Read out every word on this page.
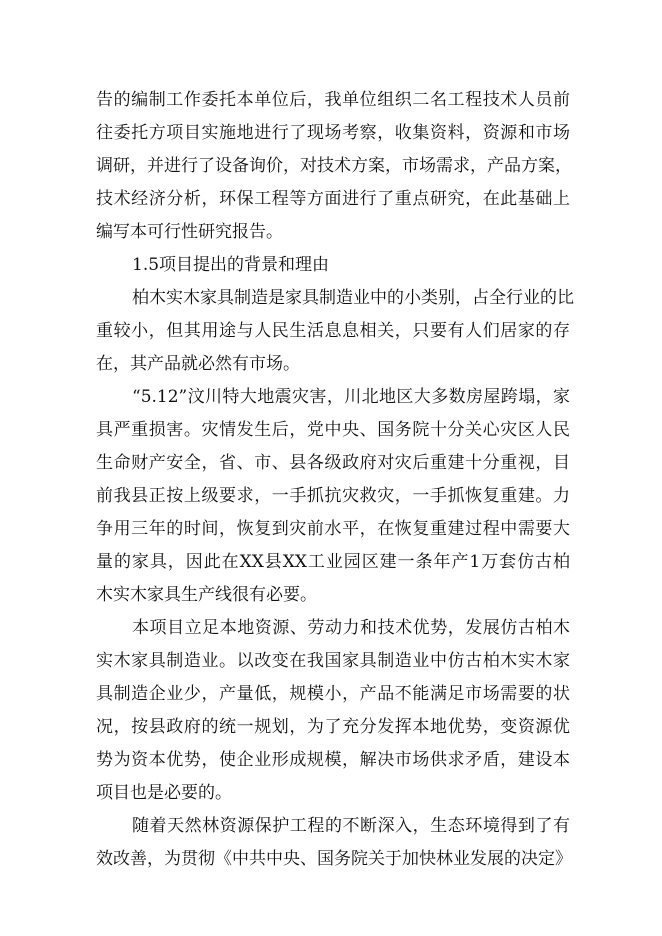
告的编制工作委托本单位后，我单位组织二名工程技术人员前
往委托方项目实施地进行了现场考察，收集资料，资源和市场
调研，并进行了设备询价，对技术方案，市场需求，产品方案，
技术经济分析，环保工程等方面进行了重点研究，在此基础上
编写本可行性研究报告。
1.5项目提出的背景和理由
柏木实木家具制造是家具制造业中的小类别，占全行业的比
重较小，但其用途与人民生活息息相关，只要有人们居家的存
在，其产品就必然有市场。
“5.12”汶川特大地震灾害，川北地区大多数房屋跨塌，家
具严重损害。灾情发生后，党中央、国务院十分关心灾区人民
生命财产安全，省、市、县各级政府对灾后重建十分重视，目
前我县正按上级要求，一手抓抗灾救灾，一手抓恢复重建。力
争用三年的时间，恢复到灾前水平，在恢复重建过程中需要大
量的家具，因此在XX县XX工业园区建一条年产1万套仿古柏
木实木家具生产线很有必要。
本项目立足本地资源、劳动力和技术优势，发展仿古柏木
实木家具制造业。以改变在我国家具制造业中仿古柏木实木家
具制造企业少，产量低，规模小，产品不能满足市场需要的状
况，按县政府的统一规划，为了充分发挥本地优势，变资源优
势为资本优势，使企业形成规模，解决市场供求矛盾，建设本
项目也是必要的。
随着天然林资源保护工程的不断深入，生态环境得到了有
效改善，为贯彻《中共中央、国务院关于加快林业发展的决定》
